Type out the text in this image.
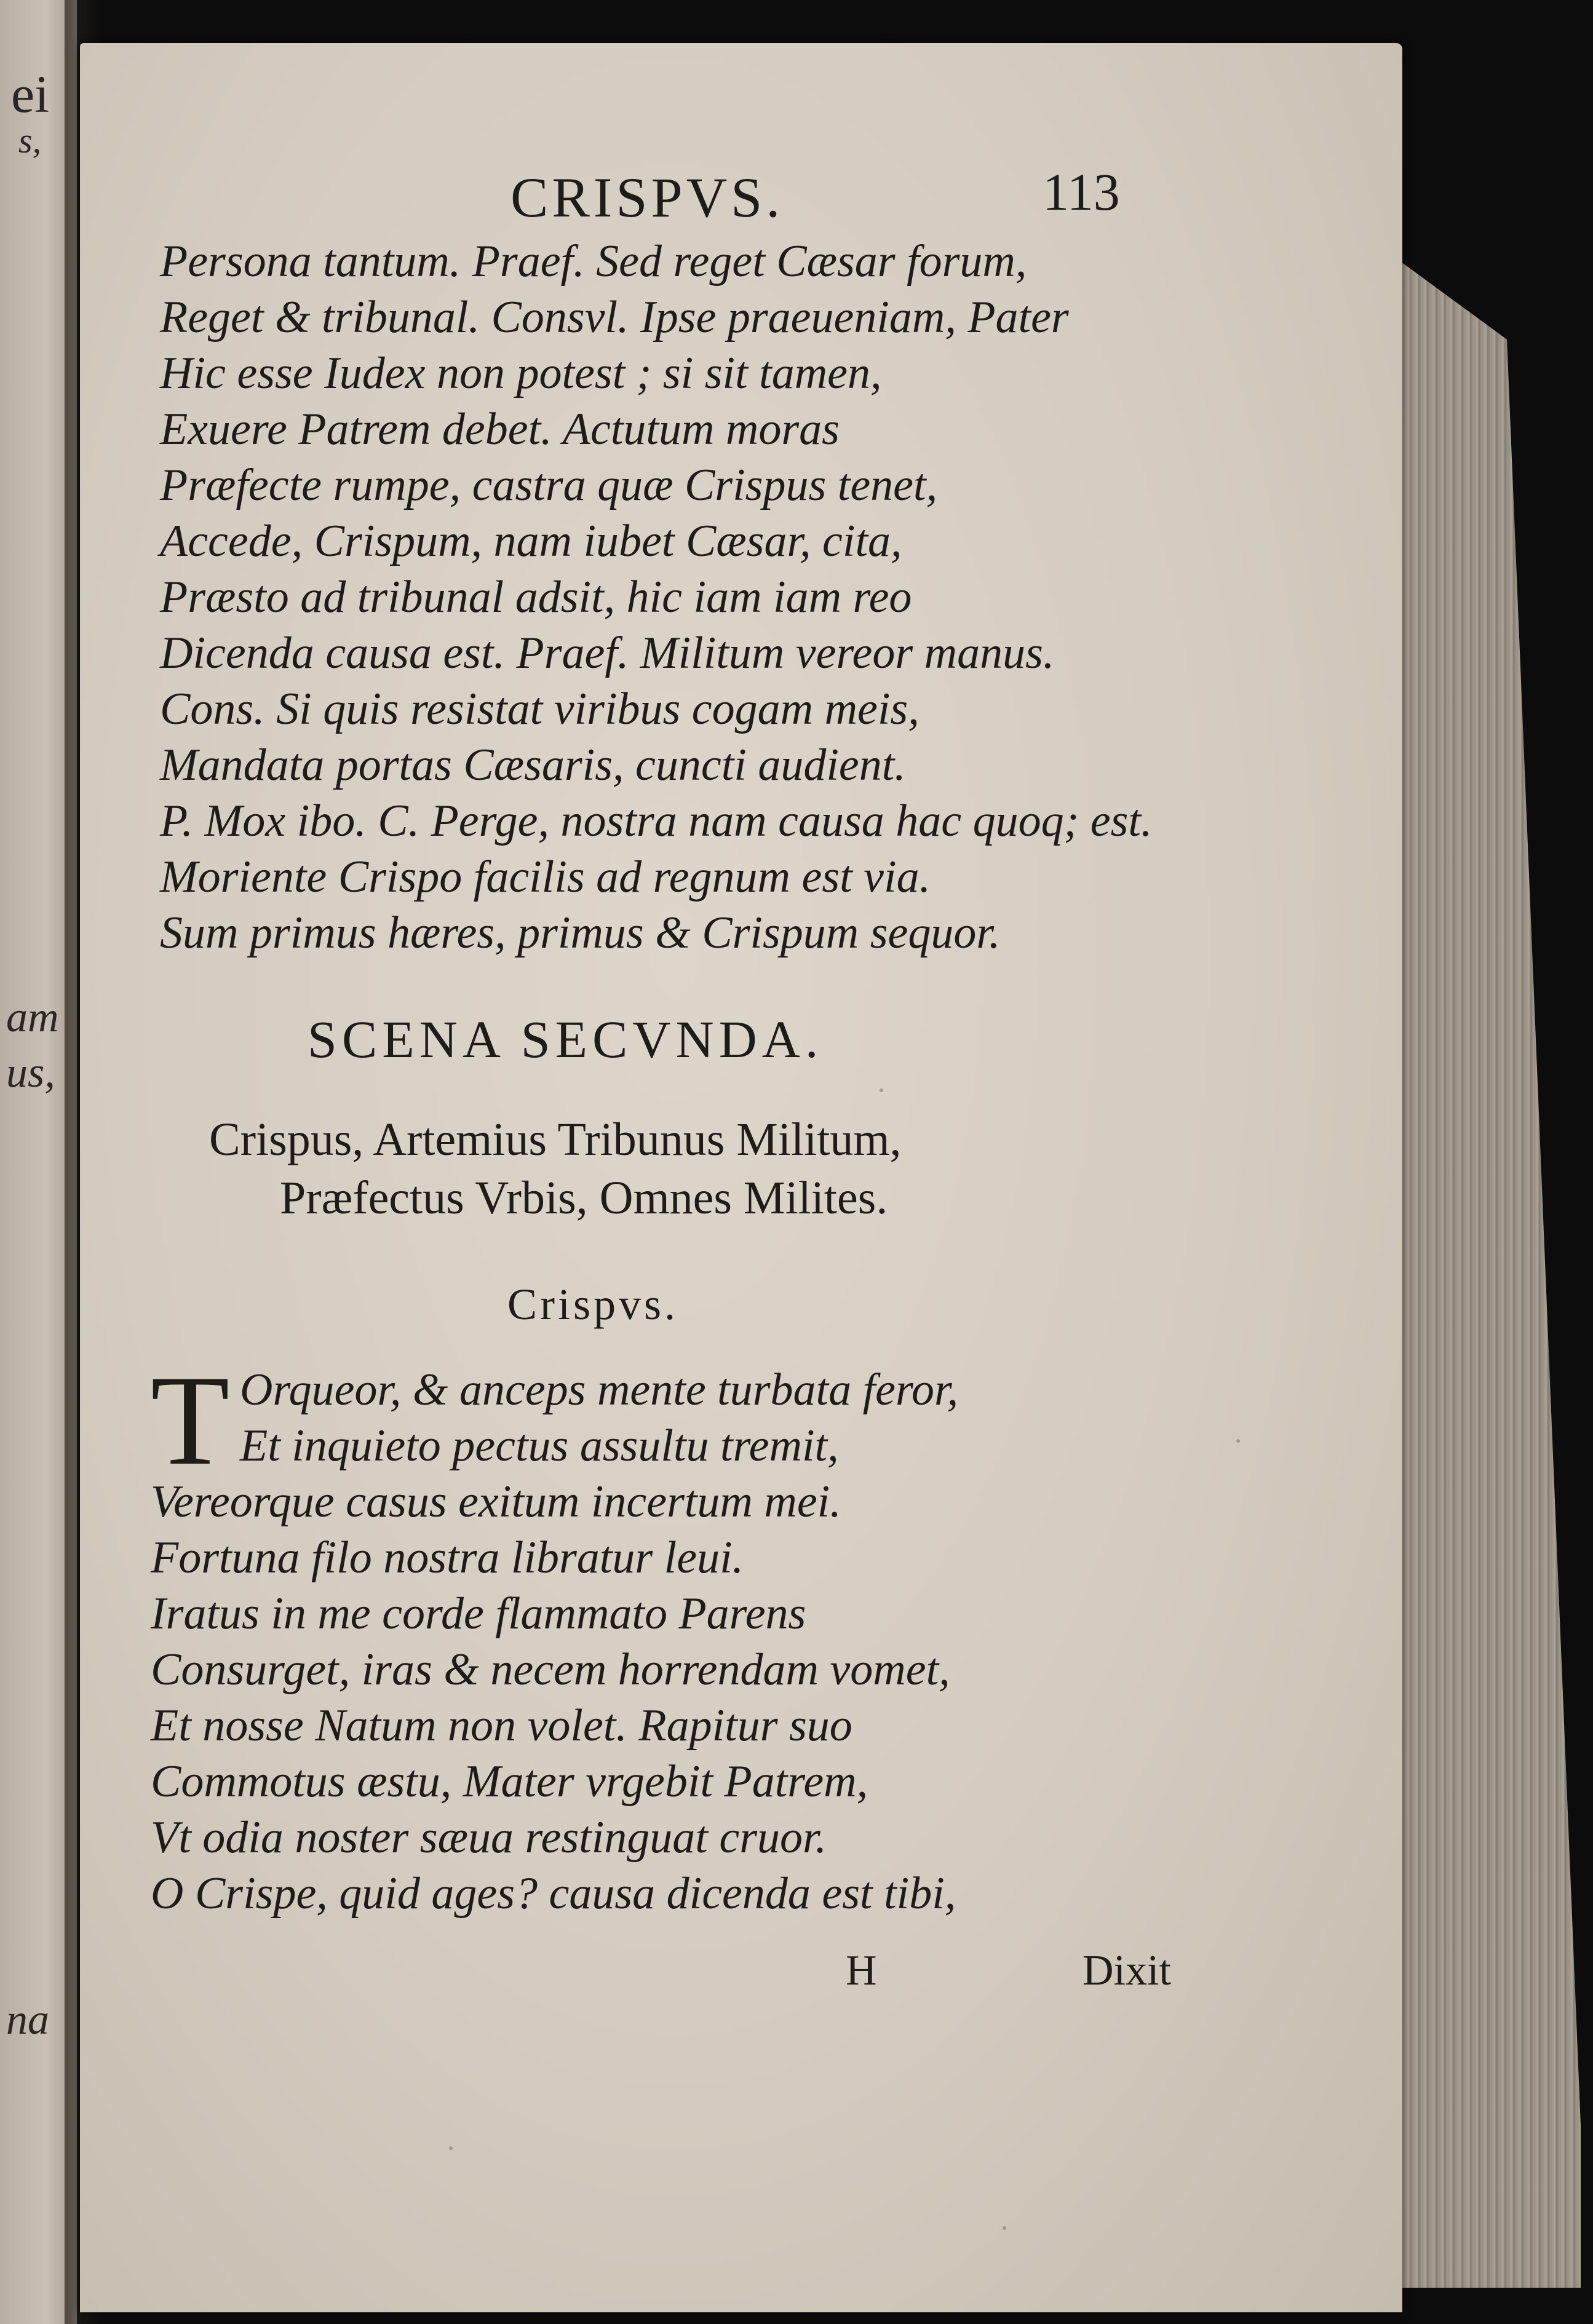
ei
s,
am
us,
na
CRISPVS.	113
Persona tantum. Praef. Sed reget Cæsar forum,
Reget & tribunal. Consvl. Ipse praeueniam, Pater
Hic esse Iudex non potest ; si sit tamen,
Exuere Patrem debet. Actutum moras
Præfecte rumpe, castra quæ Crispus tenet,
Accede, Crispum, nam iubet Cæsar, cita,
Præsto ad tribunal adsit, hic iam iam reo
Dicenda causa est. Praef. Militum vereor manus.
Cons. Si quis resistat viribus cogam meis,
Mandata portas Cæsaris, cuncti audient.
P. Mox ibo. C. Perge, nostra nam causa hac quoq; est.
Moriente Crispo facilis ad regnum est via.
Sum primus hæres, primus & Crispum sequor.
SCENA SECVNDA.
Crispus, Artemius Tribunus Militum,
Præfectus Vrbis, Omnes Milites.
Crispvs.
T Orqueor, & anceps mente turbata feror,
Et inquieto pectus assultu tremit,
Vereorque casus exitum incertum mei.
Fortuna filo nostra libratur leui.
Iratus in me corde flammato Parens
Consurget, iras & necem horrendam vomet,
Et nosse Natum non volet. Rapitur suo
Commotus æstu, Mater vrgebit Patrem,
Vt odia noster sæua restinguat cruor.
O Crispe, quid ages? causa dicenda est tibi,
H	Dixit
